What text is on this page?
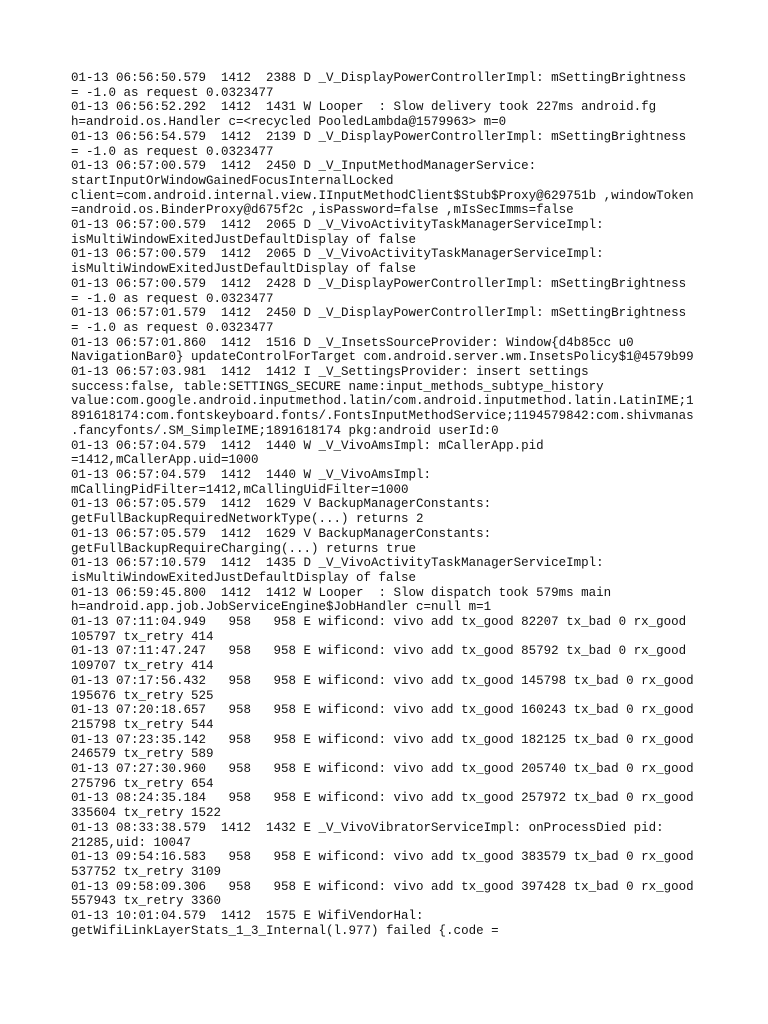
01-13 06:56:50.579  1412  2388 D _V_DisplayPowerControllerImpl: mSettingBrightness
= -1.0 as request 0.0323477
01-13 06:56:52.292  1412  1431 W Looper  : Slow delivery took 227ms android.fg
h=android.os.Handler c=<recycled PooledLambda@1579963> m=0
01-13 06:56:54.579  1412  2139 D _V_DisplayPowerControllerImpl: mSettingBrightness
= -1.0 as request 0.0323477
01-13 06:57:00.579  1412  2450 D _V_InputMethodManagerService:
startInputOrWindowGainedFocusInternalLocked
client=com.android.internal.view.IInputMethodClient$Stub$Proxy@629751b ,windowToken
=android.os.BinderProxy@d675f2c ,isPassword=false ,mIsSecImms=false
01-13 06:57:00.579  1412  2065 D _V_VivoActivityTaskManagerServiceImpl:
isMultiWindowExitedJustDefaultDisplay of false
01-13 06:57:00.579  1412  2065 D _V_VivoActivityTaskManagerServiceImpl:
isMultiWindowExitedJustDefaultDisplay of false
01-13 06:57:00.579  1412  2428 D _V_DisplayPowerControllerImpl: mSettingBrightness
= -1.0 as request 0.0323477
01-13 06:57:01.579  1412  2450 D _V_DisplayPowerControllerImpl: mSettingBrightness
= -1.0 as request 0.0323477
01-13 06:57:01.860  1412  1516 D _V_InsetsSourceProvider: Window{d4b85cc u0
NavigationBar0} updateControlForTarget com.android.server.wm.InsetsPolicy$1@4579b99
01-13 06:57:03.981  1412  1412 I _V_SettingsProvider: insert settings
success:false, table:SETTINGS_SECURE name:input_methods_subtype_history
value:com.google.android.inputmethod.latin/com.android.inputmethod.latin.LatinIME;1
891618174:com.fontskeyboard.fonts/.FontsInputMethodService;1194579842:com.shivmanas
.fancyfonts/.SM_SimpleIME;1891618174 pkg:android userId:0
01-13 06:57:04.579  1412  1440 W _V_VivoAmsImpl: mCallerApp.pid
=1412,mCallerApp.uid=1000
01-13 06:57:04.579  1412  1440 W _V_VivoAmsImpl:
mCallingPidFilter=1412,mCallingUidFilter=1000
01-13 06:57:05.579  1412  1629 V BackupManagerConstants:
getFullBackupRequiredNetworkType(...) returns 2
01-13 06:57:05.579  1412  1629 V BackupManagerConstants:
getFullBackupRequireCharging(...) returns true
01-13 06:57:10.579  1412  1435 D _V_VivoActivityTaskManagerServiceImpl:
isMultiWindowExitedJustDefaultDisplay of false
01-13 06:59:45.800  1412  1412 W Looper  : Slow dispatch took 579ms main
h=android.app.job.JobServiceEngine$JobHandler c=null m=1
01-13 07:11:04.949   958   958 E wificond: vivo add tx_good 82207 tx_bad 0 rx_good
105797 tx_retry 414
01-13 07:11:47.247   958   958 E wificond: vivo add tx_good 85792 tx_bad 0 rx_good
109707 tx_retry 414
01-13 07:17:56.432   958   958 E wificond: vivo add tx_good 145798 tx_bad 0 rx_good
195676 tx_retry 525
01-13 07:20:18.657   958   958 E wificond: vivo add tx_good 160243 tx_bad 0 rx_good
215798 tx_retry 544
01-13 07:23:35.142   958   958 E wificond: vivo add tx_good 182125 tx_bad 0 rx_good
246579 tx_retry 589
01-13 07:27:30.960   958   958 E wificond: vivo add tx_good 205740 tx_bad 0 rx_good
275796 tx_retry 654
01-13 08:24:35.184   958   958 E wificond: vivo add tx_good 257972 tx_bad 0 rx_good
335604 tx_retry 1522
01-13 08:33:38.579  1412  1432 E _V_VivoVibratorServiceImpl: onProcessDied pid:
21285,uid: 10047
01-13 09:54:16.583   958   958 E wificond: vivo add tx_good 383579 tx_bad 0 rx_good
537752 tx_retry 3109
01-13 09:58:09.306   958   958 E wificond: vivo add tx_good 397428 tx_bad 0 rx_good
557943 tx_retry 3360
01-13 10:01:04.579  1412  1575 E WifiVendorHal:
getWifiLinkLayerStats_1_3_Internal(l.977) failed {.code =
